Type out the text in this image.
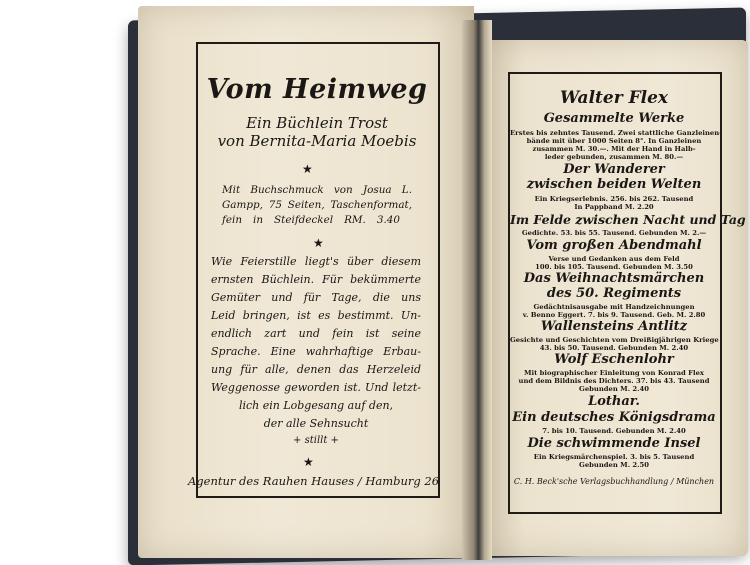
Vom Heimweg
Ein Büchlein Trost
von Bernita-Maria Moebis
★
Mit Buchschmuck von Josua L.
Gampp, 75 Seiten, Taschenformat,
fein in Steifdeckel RM. 3.40
★
Wie Feierstille liegt's über diesem
ernsten Büchlein. Für bekümmerte
Gemüter und für Tage, die uns
Leid bringen, ist es bestimmt. Un-
endlich zart und fein ist seine
Sprache. Eine wahrhaftige Erbau-
ung für alle, denen das Herzeleid
Weggenosse geworden ist. Und letzt-
lich ein Lobgesang auf den,
der alle Sehnsucht
+ stillt +
★
Agentur des Rauhen Hauses / Hamburg 26
Walter Flex
Gesammelte Werke
Erstes bis zehntes Tausend. Zwei stattliche Ganzleinen-
bände mit über 1000 Seiten 8°. In Ganzleinen
zusammen M. 30.—. Mit der Hand in Halb-
leder gebunden, zusammen M. 80.—
Der Wanderer
zwischen beiden Welten
Ein Kriegserlebnis. 256. bis 262. Tausend
In Pappband M. 2.20
Im Felde zwischen Nacht und Tag
Gedichte. 53. bis 55. Tausend. Gebunden M. 2.—
Vom großen Abendmahl
Verse und Gedanken aus dem Feld
100. bis 105. Tausend. Gebunden M. 3.50
Das Weihnachtsmärchen
des 50. Regiments
Gedächtnisausgabe mit Handzeichnungen
v. Benno Eggert. 7. bis 9. Tausend. Geb. M. 2.80
Wallensteins Antlitz
Gesichte und Geschichten vom Dreißigjährigen Kriege
43. bis 50. Tausend. Gebunden M. 2.40
Wolf Eschenlohr
Mit biographischer Einleitung von Konrad Flex
und dem Bildnis des Dichters. 37. bis 43. Tausend
Gebunden M. 2.40
Lothar.
Ein deutsches Königsdrama
7. bis 10. Tausend. Gebunden M. 2.40
Die schwimmende Insel
Ein Kriegsmärchenspiel. 3. bis 5. Tausend
Gebunden M. 2.50
C. H. Beck'sche Verlagsbuchhandlung / München
